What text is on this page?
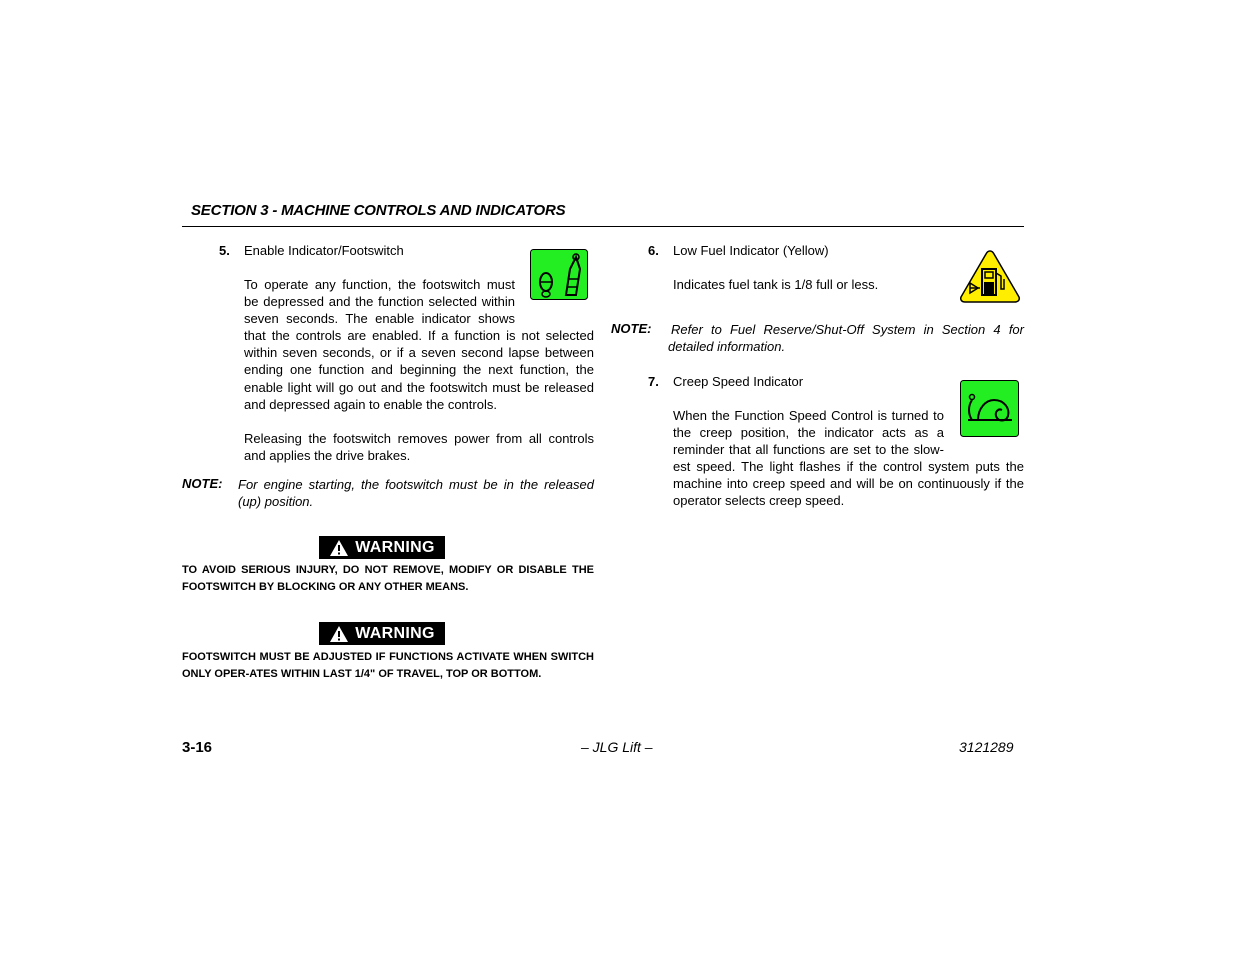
SECTION 3 - MACHINE CONTROLS AND INDICATORS
5. Enable Indicator/Footswitch
To operate any function, the footswitch must
be depressed and the function selected within
seven seconds. The enable indicator shows
that the controls are enabled. If a function is not selected within seven seconds, or if a seven second lapse between ending one function and beginning the next function, the enable light will go out and the footswitch must be released and depressed again to enable the controls.
Releasing the footswitch removes power from all controls and applies the drive brakes.
NOTE: For engine starting, the footswitch must be in the released (up) position.
WARNING
TO AVOID SERIOUS INJURY, DO NOT REMOVE, MODIFY OR DISABLE THE FOOTSWITCH BY BLOCKING OR ANY OTHER MEANS.
WARNING
FOOTSWITCH MUST BE ADJUSTED IF FUNCTIONS ACTIVATE WHEN SWITCH ONLY OPER-ATES WITHIN LAST 1/4" OF TRAVEL, TOP OR BOTTOM.
6. Low Fuel Indicator (Yellow)
Indicates fuel tank is 1/8 full or less.
NOTE: Refer to Fuel Reserve/Shut-Off System in Section 4 for detailed information.
7. Creep Speed Indicator
When the Function Speed Control is turned to
the creep position, the indicator acts as a
reminder that all functions are set to the slow-
est speed. The light flashes if the control system puts the machine into creep speed and will be on continuously if the operator selects creep speed.
3-16	– JLG Lift –	3121289
